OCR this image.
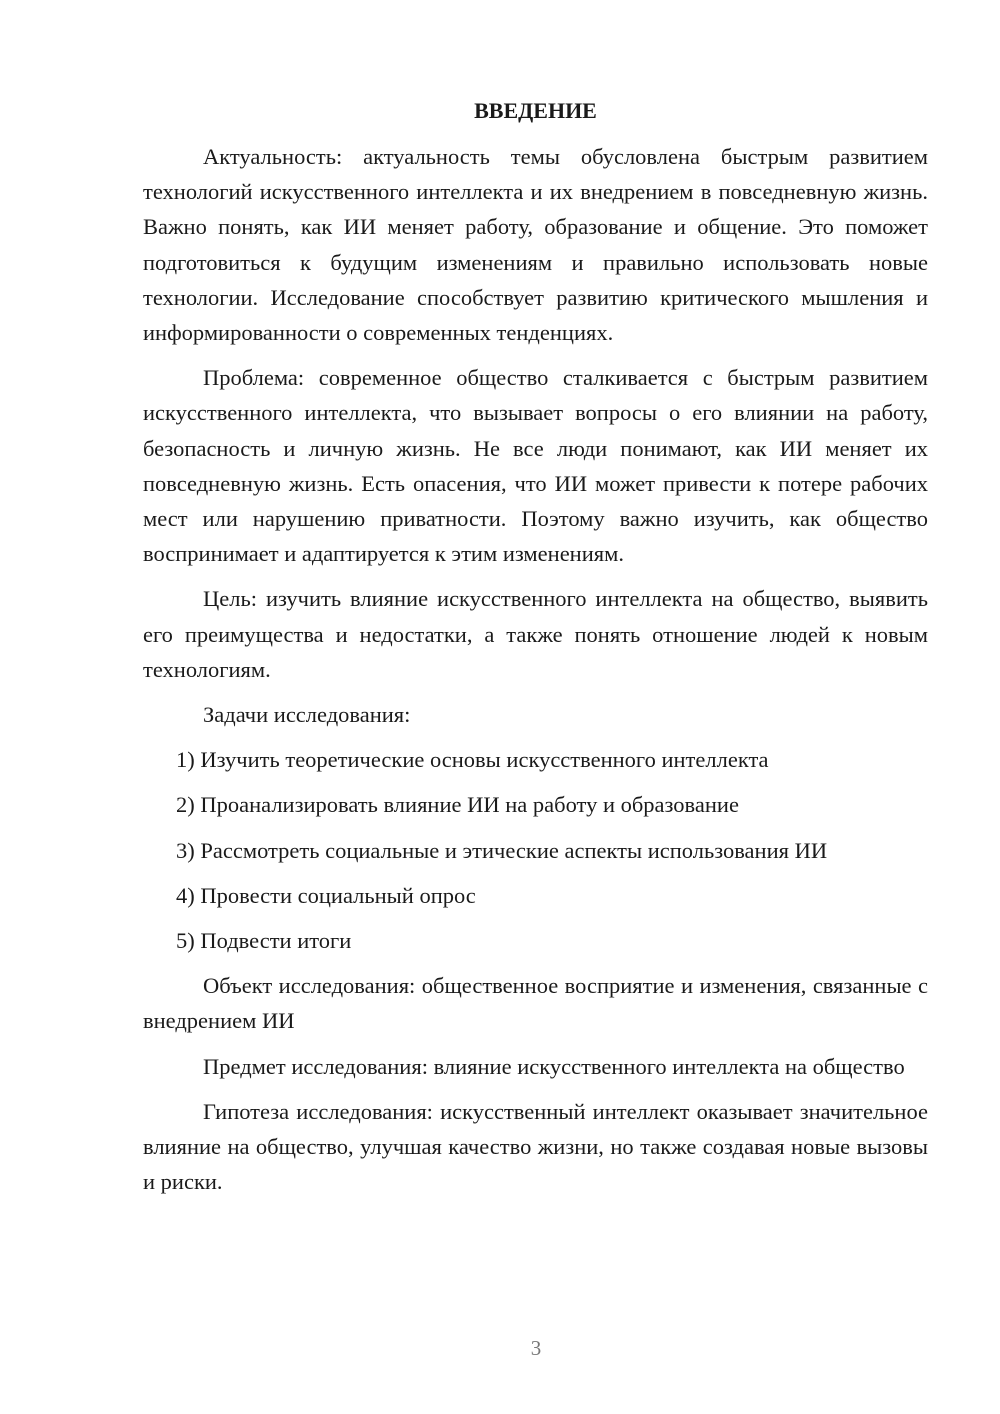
ВВЕДЕНИЕ

Актуальность: актуальность темы обусловлена быстрым развитием технологий искусственного интеллекта и их внедрением в повседневную жизнь. Важно понять, как ИИ меняет работу, образование и общение. Это поможет подготовиться к будущим изменениям и правильно использовать новые технологии. Исследование способствует развитию критического мышления и информированности о современных тенденциях.

Проблема: современное общество сталкивается с быстрым развитием искусственного интеллекта, что вызывает вопросы о его влиянии на работу, безопасность и личную жизнь. Не все люди понимают, как ИИ меняет их повседневную жизнь. Есть опасения, что ИИ может привести к потере рабочих мест или нарушению приватности. Поэтому важно изучить, как общество воспринимает и адаптируется к этим изменениям.

Цель: изучить влияние искусственного интеллекта на общество, выявить его преимущества и недостатки, а также понять отношение людей к новым технологиям.

Задачи исследования:

1) Изучить теоретические основы искусственного интеллекта

2) Проанализировать влияние ИИ на работу и образование

3) Рассмотреть социальные и этические аспекты использования ИИ

4) Провести социальный опрос

5) Подвести итоги

Объект исследования: общественное восприятие и изменения, связанные с внедрением ИИ

Предмет исследования: влияние искусственного интеллекта на общество

Гипотеза исследования: искусственный интеллект оказывает значительное влияние на общество, улучшая качество жизни, но также создавая новые вызовы и риски.

3
